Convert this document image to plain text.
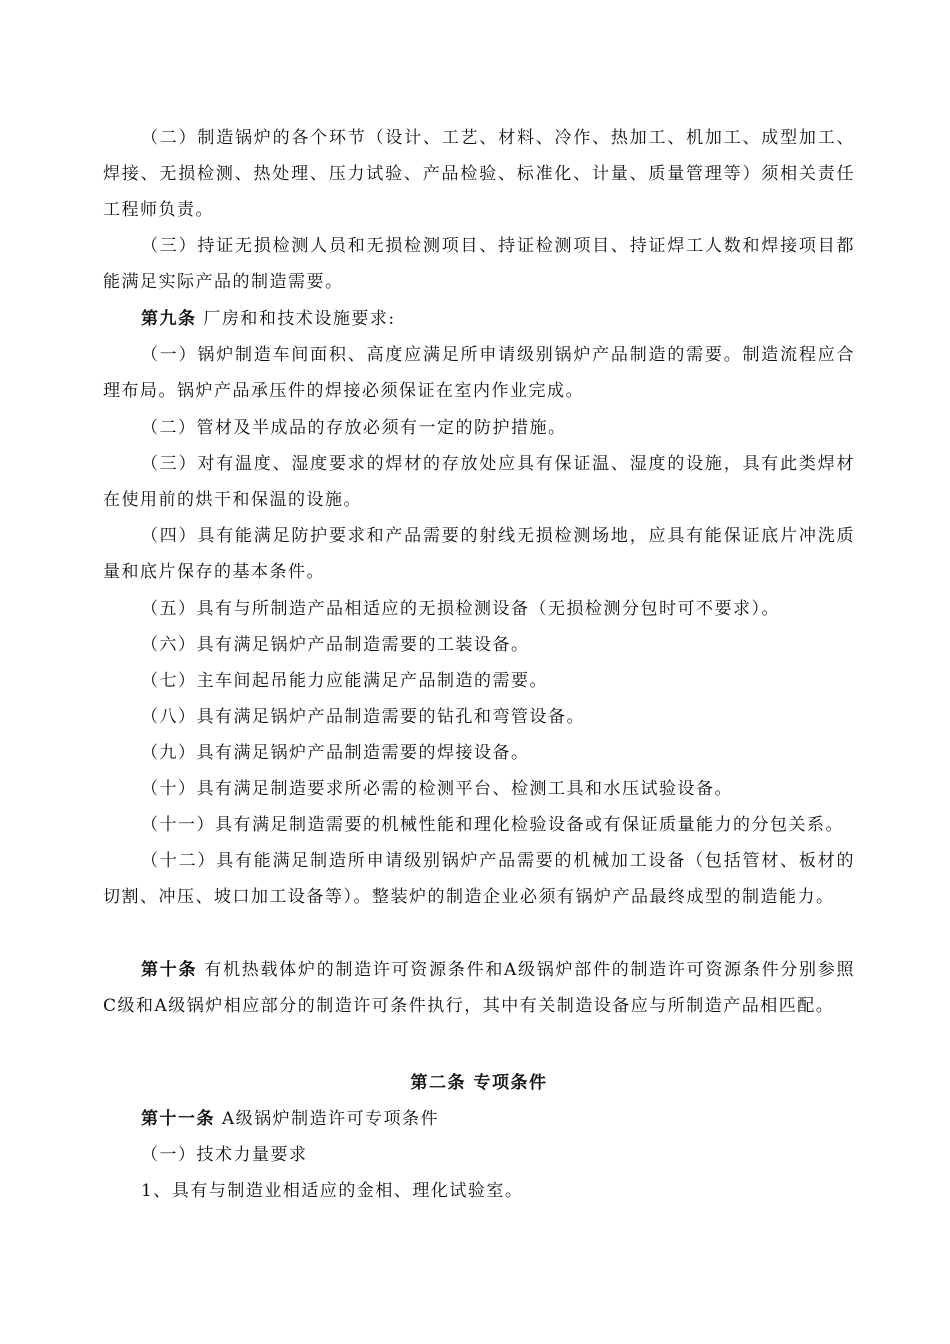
（二）制造锅炉的各个环节（设计、工艺、材料、冷作、热加工、机加工、成型加工、焊接、无损检测、热处理、压力试验、产品检验、标准化、计量、质量管理等）须相关责任工程师负责。

（三）持证无损检测人员和无损检测项目、持证检测项目、持证焊工人数和焊接项目都能满足实际产品的制造需要。

第九条 厂房和和技术设施要求:

（一）锅炉制造车间面积、高度应满足所申请级别锅炉产品制造的需要。制造流程应合理布局。锅炉产品承压件的焊接必须保证在室内作业完成。

（二）管材及半成品的存放必须有一定的防护措施。

（三）对有温度、湿度要求的焊材的存放处应具有保证温、湿度的设施，具有此类焊材在使用前的烘干和保温的设施。

（四）具有能满足防护要求和产品需要的射线无损检测场地，应具有能保证底片冲洗质量和底片保存的基本条件。

（五）具有与所制造产品相适应的无损检测设备（无损检测分包时可不要求）。

（六）具有满足锅炉产品制造需要的工装设备。

（七）主车间起吊能力应能满足产品制造的需要。

（八）具有满足锅炉产品制造需要的钻孔和弯管设备。

（九）具有满足锅炉产品制造需要的焊接设备。

（十）具有满足制造要求所必需的检测平台、检测工具和水压试验设备。

（十一）具有满足制造需要的机械性能和理化检验设备或有保证质量能力的分包关系。

（十二）具有能满足制造所申请级别锅炉产品需要的机械加工设备（包括管材、板材的切割、冲压、坡口加工设备等）。整装炉的制造企业必须有锅炉产品最终成型的制造能力。

第十条 有机热载体炉的制造许可资源条件和A级锅炉部件的制造许可资源条件分别参照C级和A级锅炉相应部分的制造许可条件执行，其中有关制造设备应与所制造产品相匹配。

第二条 专项条件

第十一条 A级锅炉制造许可专项条件

（一）技术力量要求

1、具有与制造业相适应的金相、理化试验室。
